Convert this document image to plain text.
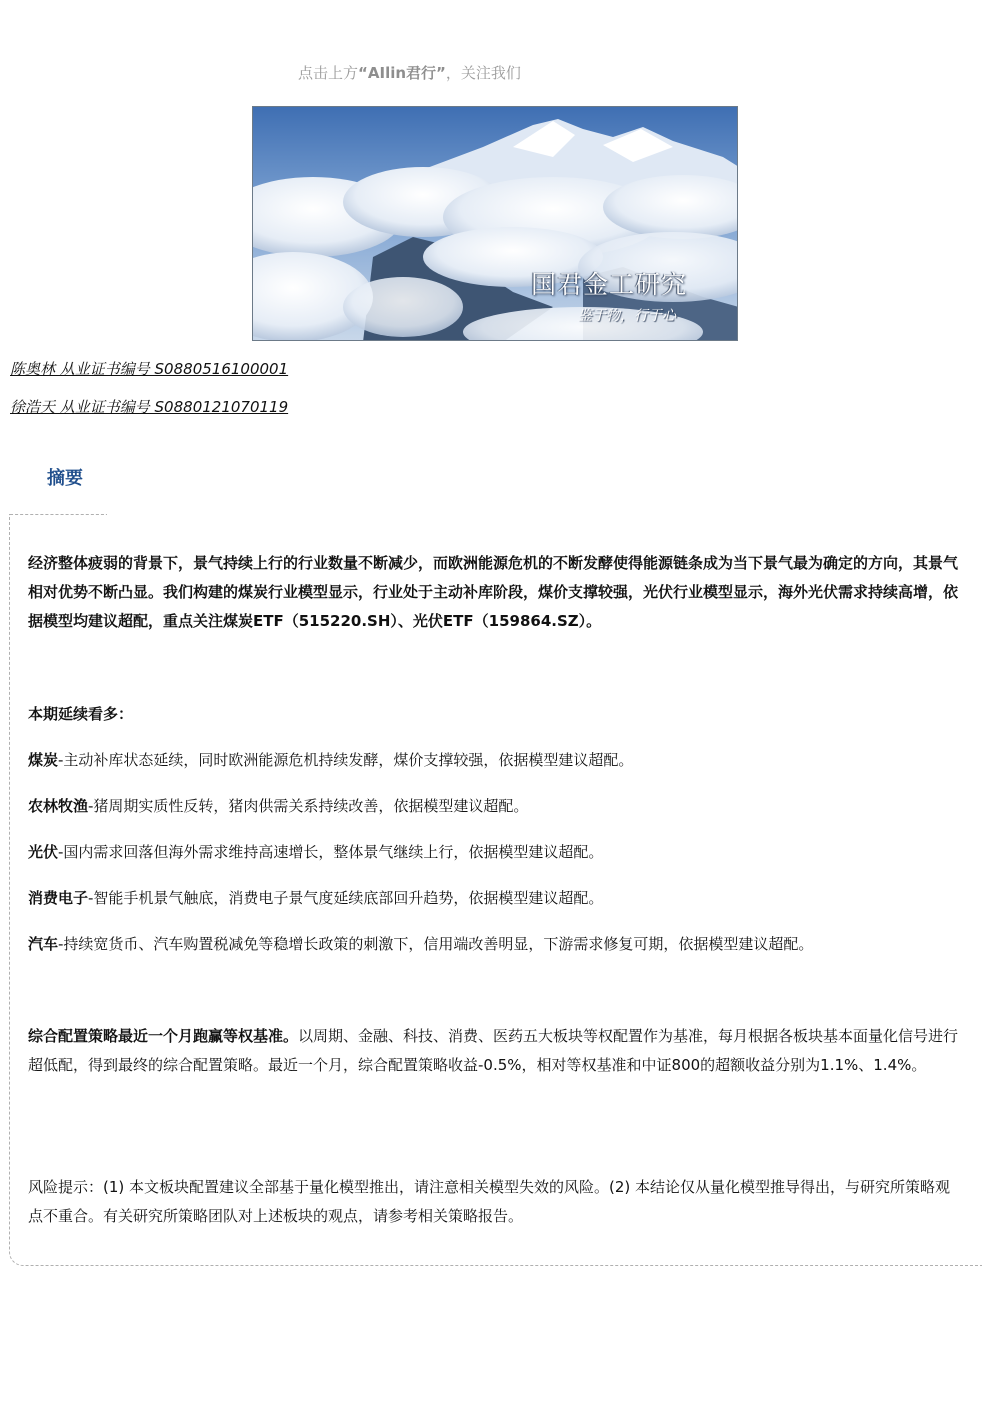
点击上方“AIlin君行”，关注我们
国君金工研究
鉴于物，行于心
陈奥林 从业证书编号 S0880516100001
徐浩天 从业证书编号 S0880121070119
摘要
经济整体疲弱的背景下，景气持续上行的行业数量不断减少，而欧洲能源危机的不断发酵使得能源链条成为当下景气最为确定的方向，其景气相对优势不断凸显。我们构建的煤炭行业模型显示，行业处于主动补库阶段，煤价支撑较强，光伏行业模型显示，海外光伏需求持续高增，依据模型均建议超配，重点关注煤炭ETF（515220.SH）、光伏ETF（159864.SZ）。
本期延续看多：
煤炭-主动补库状态延续，同时欧洲能源危机持续发酵，煤价支撑较强，依据模型建议超配。
农林牧渔-猪周期实质性反转，猪肉供需关系持续改善，依据模型建议超配。
光伏-国内需求回落但海外需求维持高速增长，整体景气继续上行，依据模型建议超配。
消费电子-智能手机景气触底，消费电子景气度延续底部回升趋势，依据模型建议超配。
汽车-持续宽货币、汽车购置税减免等稳增长政策的刺激下，信用端改善明显，下游需求修复可期，依据模型建议超配。
综合配置策略最近一个月跑赢等权基准。以周期、金融、科技、消费、医药五大板块等权配置作为基准，每月根据各板块基本面量化信号进行超低配，得到最终的综合配置策略。最近一个月，综合配置策略收益-0.5%，相对等权基准和中证800的超额收益分别为1.1%、1.4%。
风险提示：(1) 本文板块配置建议全部基于量化模型推出，请注意相关模型失效的风险。(2) 本结论仅从量化模型推导得出，与研究所策略观点不重合。有关研究所策略团队对上述板块的观点，请参考相关策略报告。
